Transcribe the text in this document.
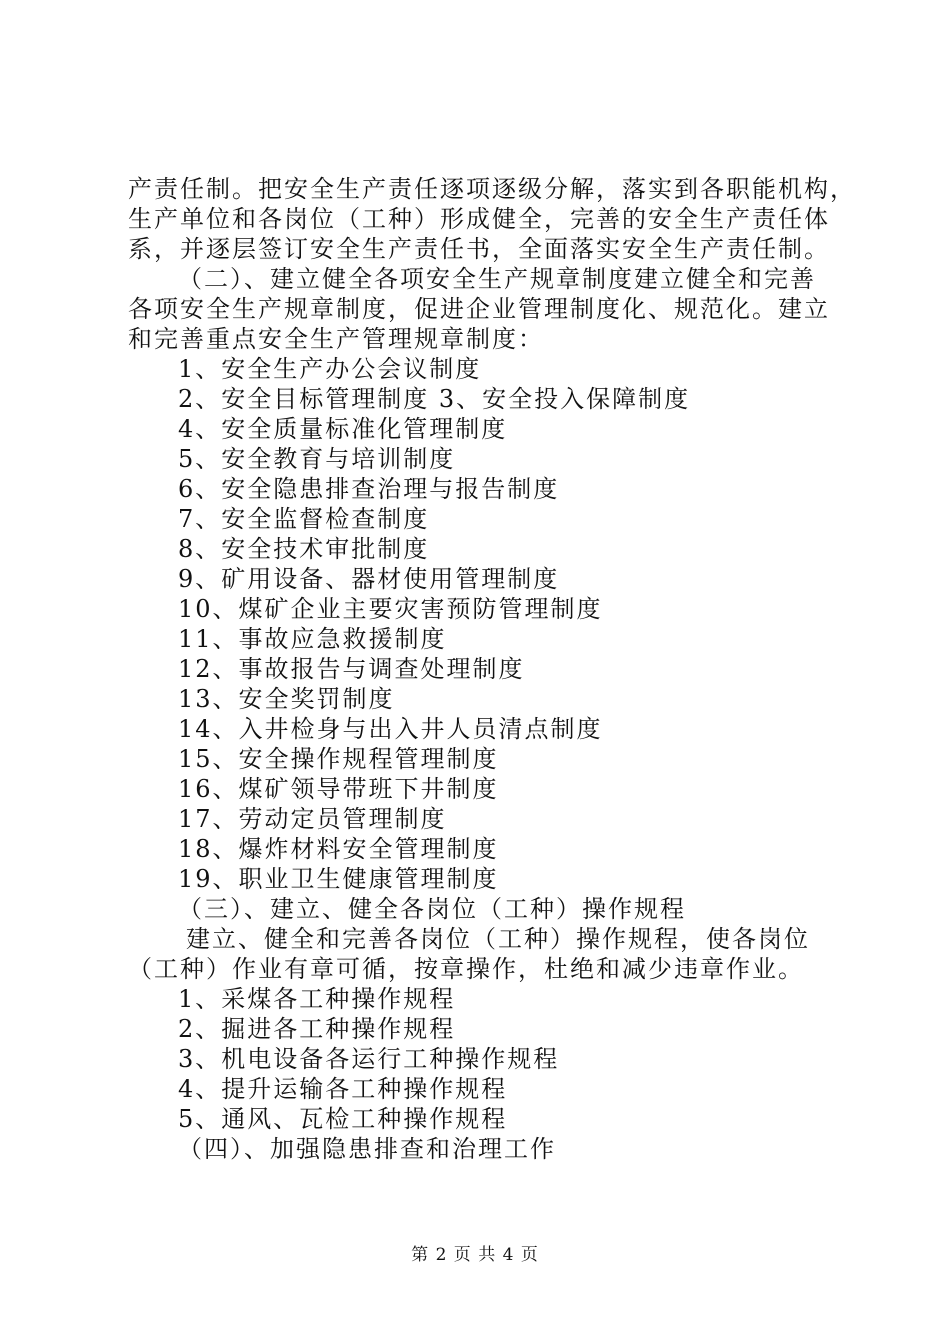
产责任制。把安全生产责任逐项逐级分解，落实到各职能机构，
生产单位和各岗位（工种）形成健全，完善的安全生产责任体
系，并逐层签订安全生产责任书，全面落实安全生产责任制。
（二）、建立健全各项安全生产规章制度建立健全和完善
各项安全生产规章制度，促进企业管理制度化、规范化。建立
和完善重点安全生产管理规章制度：
1、安全生产办公会议制度
2、安全目标管理制度 3、安全投入保障制度
4、安全质量标准化管理制度
5、安全教育与培训制度
6、安全隐患排查治理与报告制度
7、安全监督检查制度
8、安全技术审批制度
9、矿用设备、器材使用管理制度
10、煤矿企业主要灾害预防管理制度
11、事故应急救援制度
12、事故报告与调查处理制度
13、安全奖罚制度
14、入井检身与出入井人员清点制度
15、安全操作规程管理制度
16、煤矿领导带班下井制度
17、劳动定员管理制度
18、爆炸材料安全管理制度
19、职业卫生健康管理制度
（三）、建立、健全各岗位（工种）操作规程
建立、健全和完善各岗位（工种）操作规程，使各岗位
（工种）作业有章可循，按章操作，杜绝和减少违章作业。
1、采煤各工种操作规程
2、掘进各工种操作规程
3、机电设备各运行工种操作规程
4、提升运输各工种操作规程
5、通风、瓦检工种操作规程
（四）、加强隐患排查和治理工作
第 2 页 共 4 页
